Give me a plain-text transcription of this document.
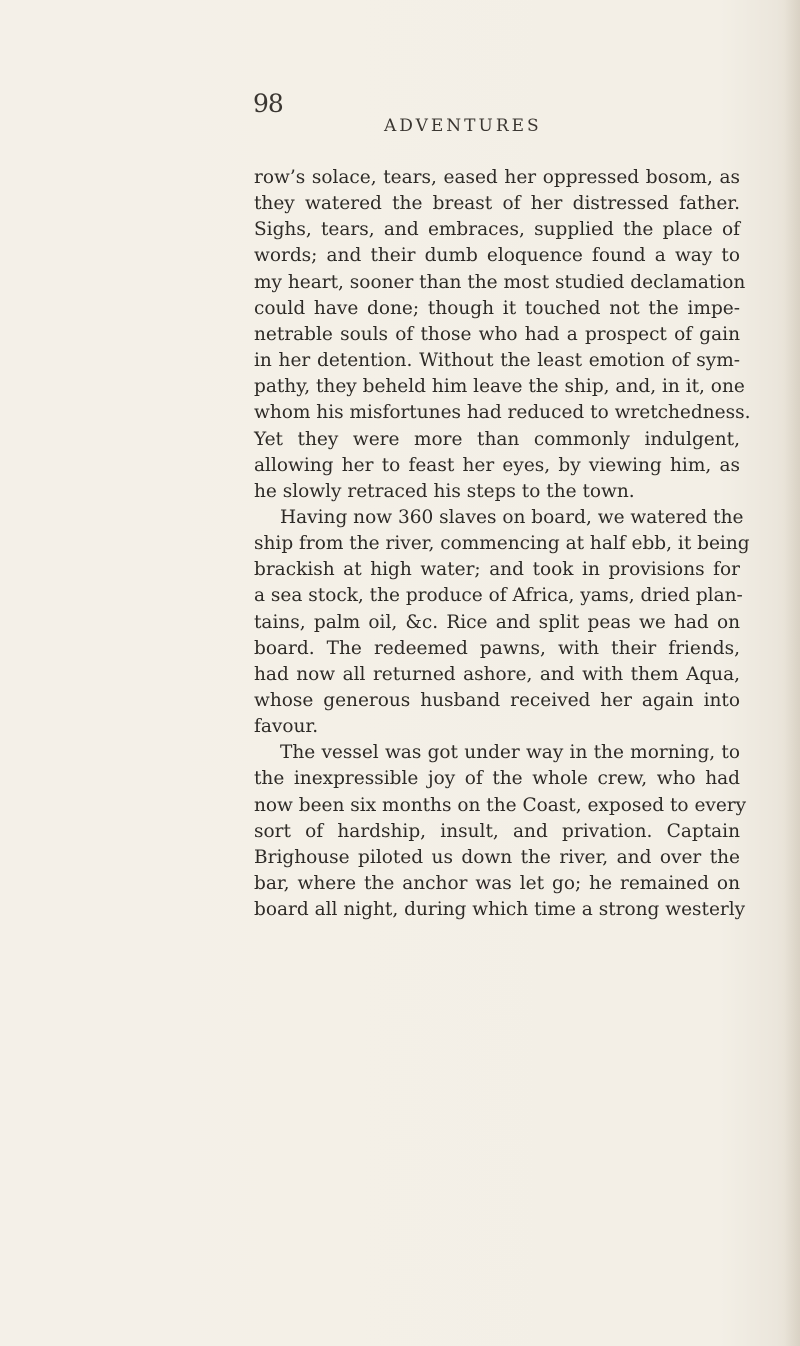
98
ADVENTURES
row’s solace, tears, eased her oppressed bosom, as
they watered the breast of her distressed father.
Sighs, tears, and embraces, supplied the place of
words; and their dumb eloquence found a way to
my heart, sooner than the most studied declamation
could have done; though it touched not the impe-
netrable souls of those who had a prospect of gain
in her detention. Without the least emotion of sym-
pathy, they beheld him leave the ship, and, in it, one
whom his misfortunes had reduced to wretchedness.
Yet they were more than commonly indulgent,
allowing her to feast her eyes, by viewing him, as
he slowly retraced his steps to the town.
Having now 360 slaves on board, we watered the
ship from the river, commencing at half ebb, it being
brackish at high water; and took in provisions for
a sea stock, the produce of Africa, yams, dried plan-
tains, palm oil, &c. Rice and split peas we had on
board. The redeemed pawns, with their friends,
had now all returned ashore, and with them Aqua,
whose generous husband received her again into
favour.
The vessel was got under way in the morning, to
the inexpressible joy of the whole crew, who had
now been six months on the Coast, exposed to every
sort of hardship, insult, and privation. Captain
Brighouse piloted us down the river, and over the
bar, where the anchor was let go; he remained on
board all night, during which time a strong westerly
